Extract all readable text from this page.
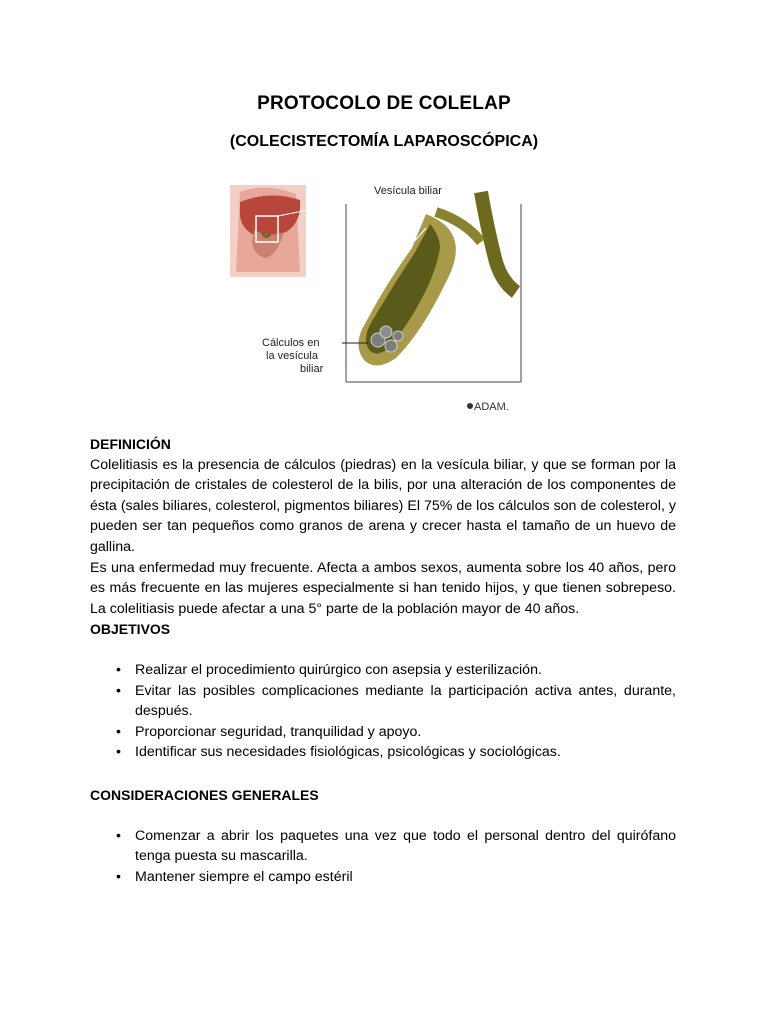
PROTOCOLO DE COLELAP
(COLECISTECTOMÍA LAPAROSCÓPICA)
Vesícula biliar
Cálculos en
la vesícula
biliar
ADAM.
DEFINICIÓN

Colelitiasis es la presencia de cálculos (piedras) en la vesícula biliar, y que se forman por la precipitación de cristales de colesterol de la bilis, por una alteración de los componentes de ésta (sales biliares, colesterol, pigmentos biliares) El 75% de los cálculos son de colesterol, y pueden ser tan pequeños como granos de arena y crecer hasta el tamaño de un huevo de gallina.

Es una enfermedad muy frecuente. Afecta a ambos sexos, aumenta sobre los 40 años, pero es más frecuente en las mujeres especialmente si han tenido hijos, y que tienen sobrepeso. La colelitiasis puede afectar a una 5° parte de la población mayor de 40 años.

OBJETIVOS
• Realizar el procedimiento quirúrgico con asepsia y esterilización.
• Evitar las posibles complicaciones mediante la participación activa antes, durante, después.
• Proporcionar seguridad, tranquilidad y apoyo.
• Identificar sus necesidades fisiológicas, psicológicas y sociológicas.
CONSIDERACIONES GENERALES
• Comenzar a abrir los paquetes una vez que todo el personal dentro del quirófano tenga puesta su mascarilla.
• Mantener siempre el campo estéril
